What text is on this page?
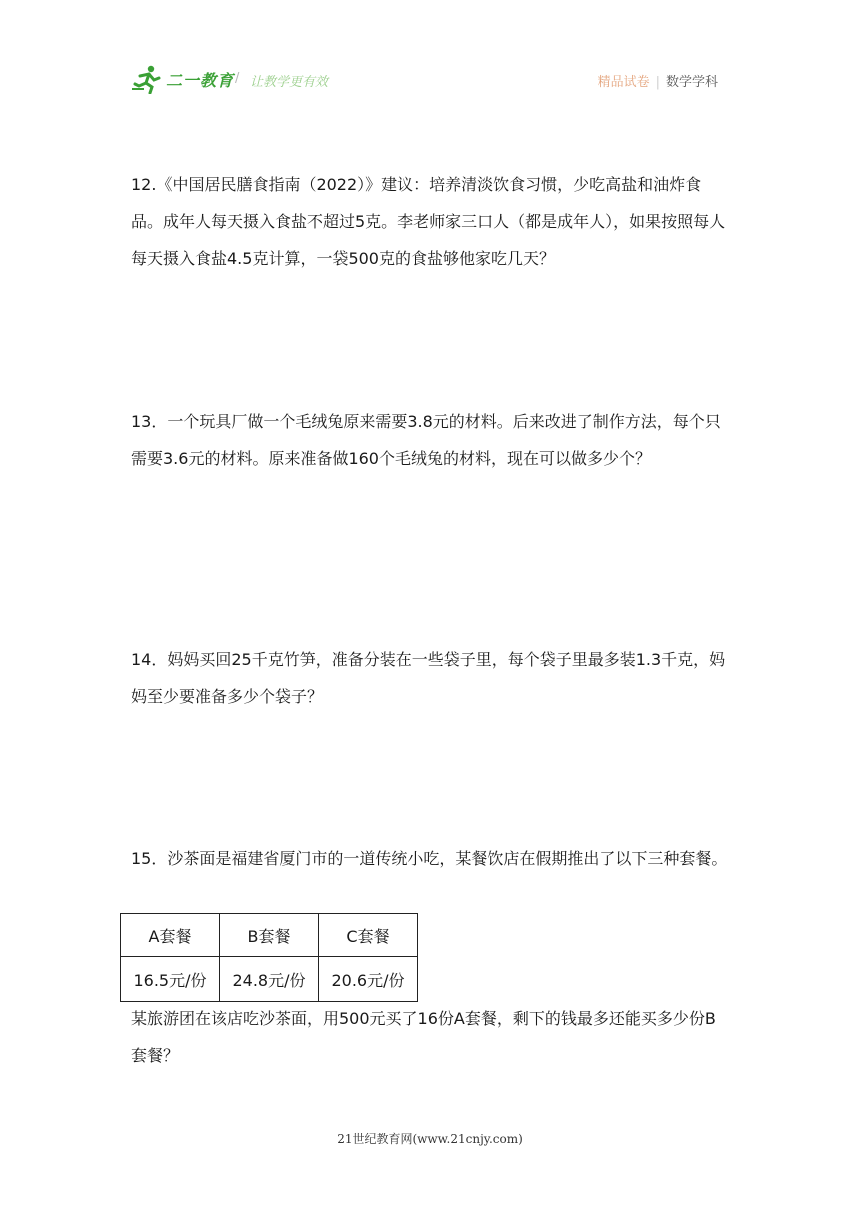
二一教育 / 让教学更有效	精品试卷 | 数学学科
12.《中国居民膳食指南（2022）》建议：培养清淡饮食习惯，少吃高盐和油炸食品。成年人每天摄入食盐不超过5克。李老师家三口人（都是成年人），如果按照每人每天摄入食盐4.5克计算，一袋500克的食盐够他家吃几天？
13．一个玩具厂做一个毛绒兔原来需要3.8元的材料。后来改进了制作方法，每个只需要3.6元的材料。原来准备做160个毛绒兔的材料，现在可以做多少个？
14．妈妈买回25千克竹笋，准备分装在一些袋子里，每个袋子里最多装1.3千克，妈妈至少要准备多少个袋子？
15．沙茶面是福建省厦门市的一道传统小吃，某餐饮店在假期推出了以下三种套餐。
A套餐	B套餐	C套餐
16.5元/份	24.8元/份	20.6元/份
某旅游团在该店吃沙茶面，用500元买了16份A套餐，剩下的钱最多还能买多少份B套餐？
21世纪教育网(www.21cnjy.com)
